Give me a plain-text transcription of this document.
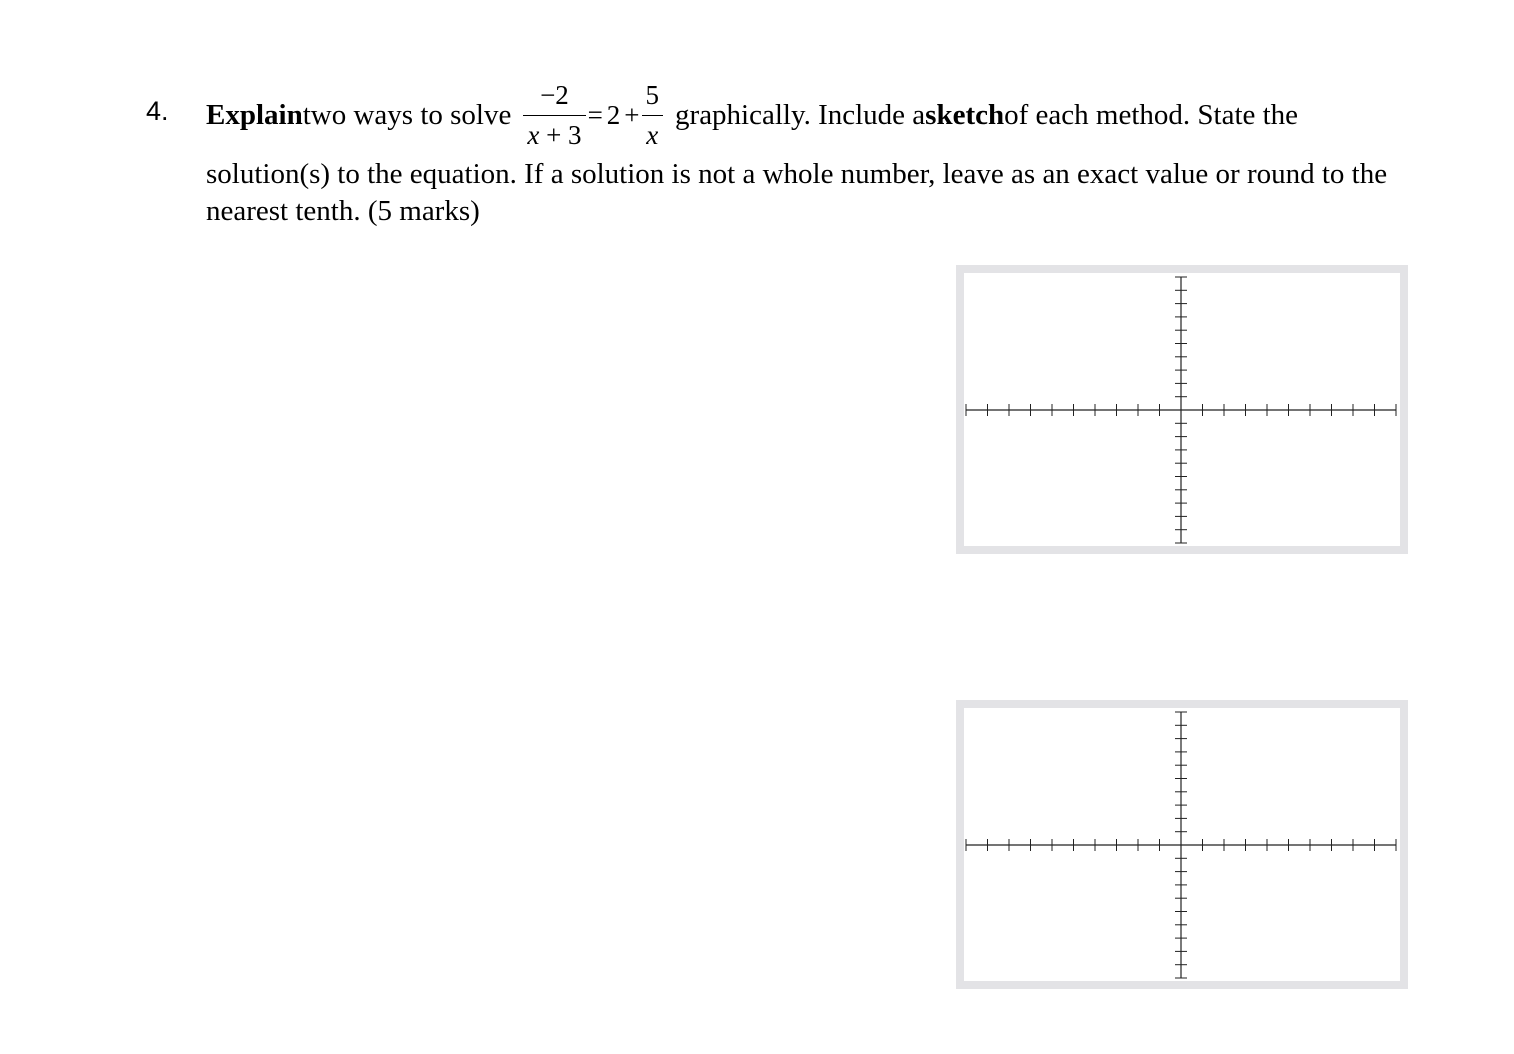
4. Explain two ways to solve $\frac{-2}{x + 3} = 2 + \frac{5}{x}$ graphically. Include a sketch of each method. State the
solution(s) to the equation. If a solution is not a whole number, leave as an exact value or round to the nearest tenth. (5 marks)
